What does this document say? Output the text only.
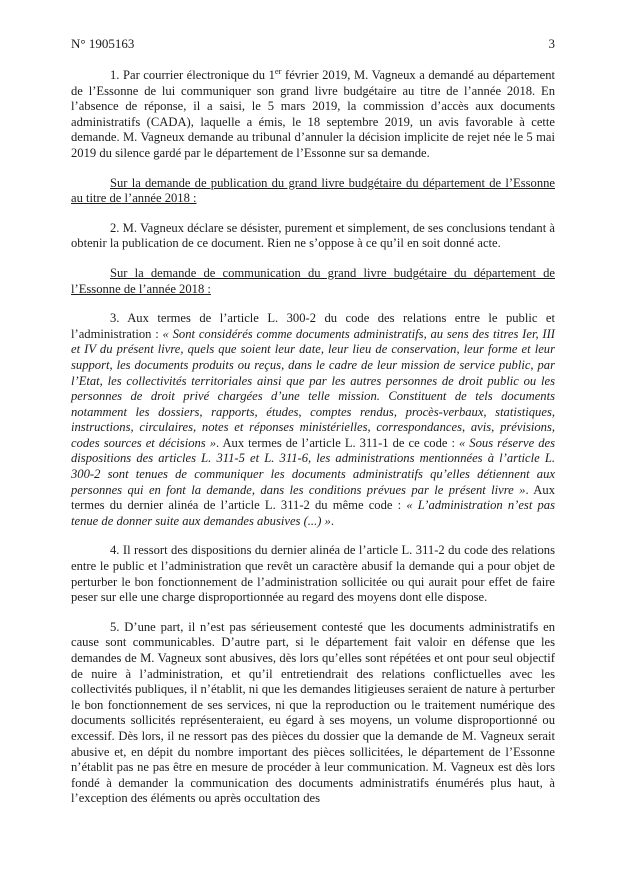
N° 1905163	3

1. Par courrier électronique du 1er février 2019, M. Vagneux a demandé au département de l’Essonne de lui communiquer son grand livre budgétaire au titre de l’année 2018. En l’absence de réponse, il a saisi, le 5 mars 2019, la commission d’accès aux documents administratifs (CADA), laquelle a émis, le 18 septembre 2019, un avis favorable à cette demande. M. Vagneux demande au tribunal d’annuler la décision implicite de rejet née le 5 mai 2019 du silence gardé par le département de l’Essonne sur sa demande.

Sur la demande de publication du grand livre budgétaire du département de l’Essonne au titre de l’année 2018 :

2. M. Vagneux déclare se désister, purement et simplement, de ses conclusions tendant à obtenir la publication de ce document. Rien ne s’oppose à ce qu’il en soit donné acte.

Sur la demande de communication du grand livre budgétaire du département de l’Essonne de l’année 2018 :

3. Aux termes de l’article L. 300-2 du code des relations entre le public et l’administration : « Sont considérés comme documents administratifs, au sens des titres Ier, III et IV du présent livre, quels que soient leur date, leur lieu de conservation, leur forme et leur support, les documents produits ou reçus, dans le cadre de leur mission de service public, par l’Etat, les collectivités territoriales ainsi que par les autres personnes de droit public ou les personnes de droit privé chargées d’une telle mission. Constituent de tels documents notamment les dossiers, rapports, études, comptes rendus, procès-verbaux, statistiques, instructions, circulaires, notes et réponses ministérielles, correspondances, avis, prévisions, codes sources et décisions ». Aux termes de l’article L. 311-1 de ce code : « Sous réserve des dispositions des articles L. 311-5 et L. 311-6, les administrations mentionnées à l’article L. 300-2 sont tenues de communiquer les documents administratifs qu’elles détiennent aux personnes qui en font la demande, dans les conditions prévues par le présent livre ». Aux termes du dernier alinéa de l’article L. 311-2 du même code : « L’administration n’est pas tenue de donner suite aux demandes abusives (...) ».

4. Il ressort des dispositions du dernier alinéa de l’article L. 311-2 du code des relations entre le public et l’administration que revêt un caractère abusif la demande qui a pour objet de perturber le bon fonctionnement de l’administration sollicitée ou qui aurait pour effet de faire peser sur elle une charge disproportionnée au regard des moyens dont elle dispose.

5. D’une part, il n’est pas sérieusement contesté que les documents administratifs en cause sont communicables. D’autre part, si le département fait valoir en défense que les demandes de M. Vagneux sont abusives, dès lors qu’elles sont répétées et ont pour seul objectif de nuire à l’administration, et qu’il entretiendrait des relations conflictuelles avec les collectivités publiques, il n’établit, ni que les demandes litigieuses seraient de nature à perturber le bon fonctionnement de ses services, ni que la reproduction ou le traitement numérique des documents sollicités représenteraient, eu égard à ses moyens, un volume disproportionné ou excessif. Dès lors, il ne ressort pas des pièces du dossier que la demande de M. Vagneux serait abusive et, en dépit du nombre important des pièces sollicitées, le département de l’Essonne n’établit pas ne pas être en mesure de procéder à leur communication. M. Vagneux est dès lors fondé à demander la communication des documents administratifs énumérés plus haut, à l’exception des éléments ou après occultation des
